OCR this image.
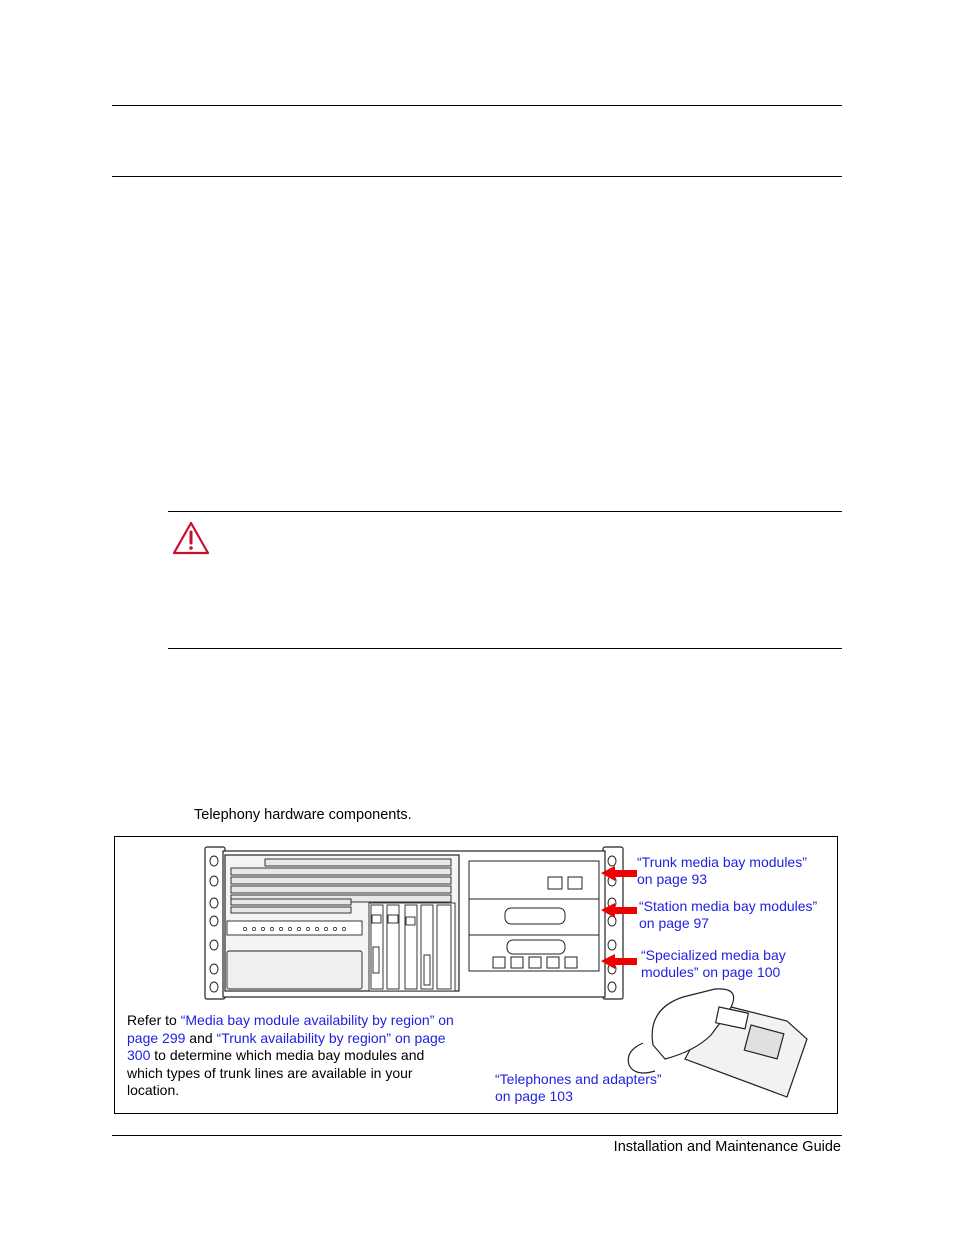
Telephony hardware components.
“Trunk media bay modules”
on page 93
“Station media bay modules”
on page 97
“Specialized media bay
modules” on page 100
“Telephones and adapters”
on page 103
Refer to “Media bay module availability by region” on page 299 and “Trunk availability by region” on page 300 to determine which media bay modules and which types of trunk lines are available in your location.
Installation and Maintenance Guide
